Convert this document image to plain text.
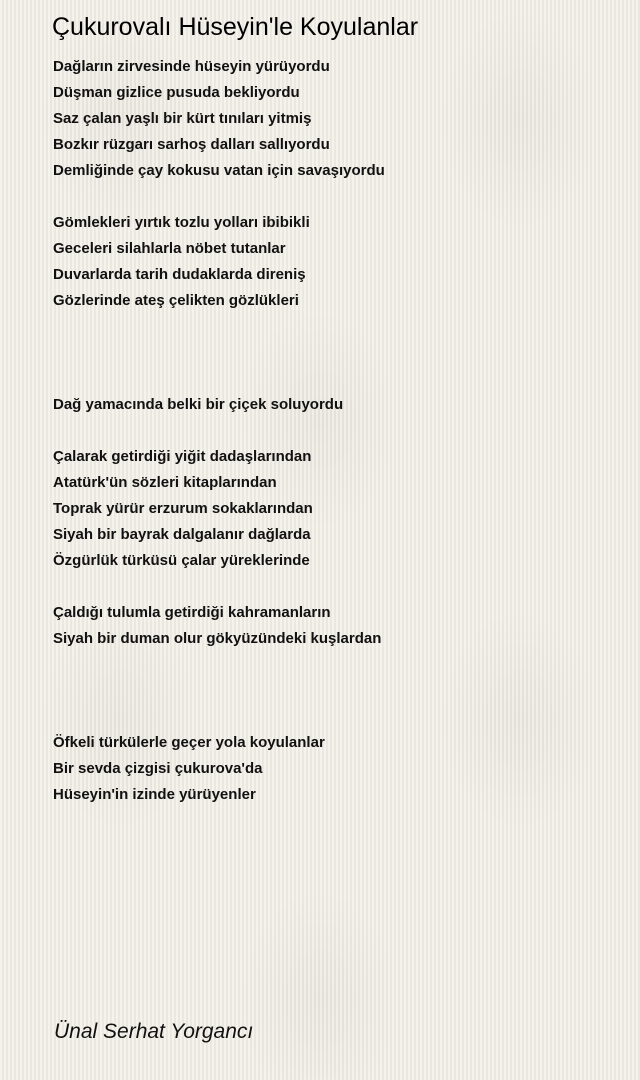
Çukurovalı Hüseyin'le Koyulanlar
Dağların zirvesinde hüseyin yürüyordu
Düşman gizlice pusuda bekliyordu
Saz çalan yaşlı bir kürt tınıları yitmiş
Bozkır rüzgarı sarhoş dalları sallıyordu
Demliğinde çay kokusu vatan için savaşıyordu
Gömlekleri yırtık tozlu yolları ibibikli
Geceleri silahlarla nöbet tutanlar
Duvarlarda tarih dudaklarda direniş
Gözlerinde ateş çelikten gözlükleri
Dağ yamacında belki bir çiçek soluyordu
Çalarak getirdiği yiğit dadaşlarından
Atatürk'ün sözleri kitaplarından
Toprak yürür erzurum sokaklarından
Siyah bir bayrak dalgalanır dağlarda
Özgürlük türküsü çalar yüreklerinde
Çaldığı tulumla getirdiği kahramanların
Siyah bir duman olur gökyüzündeki kuşlardan
Öfkeli türkülerle geçer yola koyulanlar
Bir sevda çizgisi çukurova'da
Hüseyin'in izinde yürüyenler
Ünal Serhat Yorgancı
